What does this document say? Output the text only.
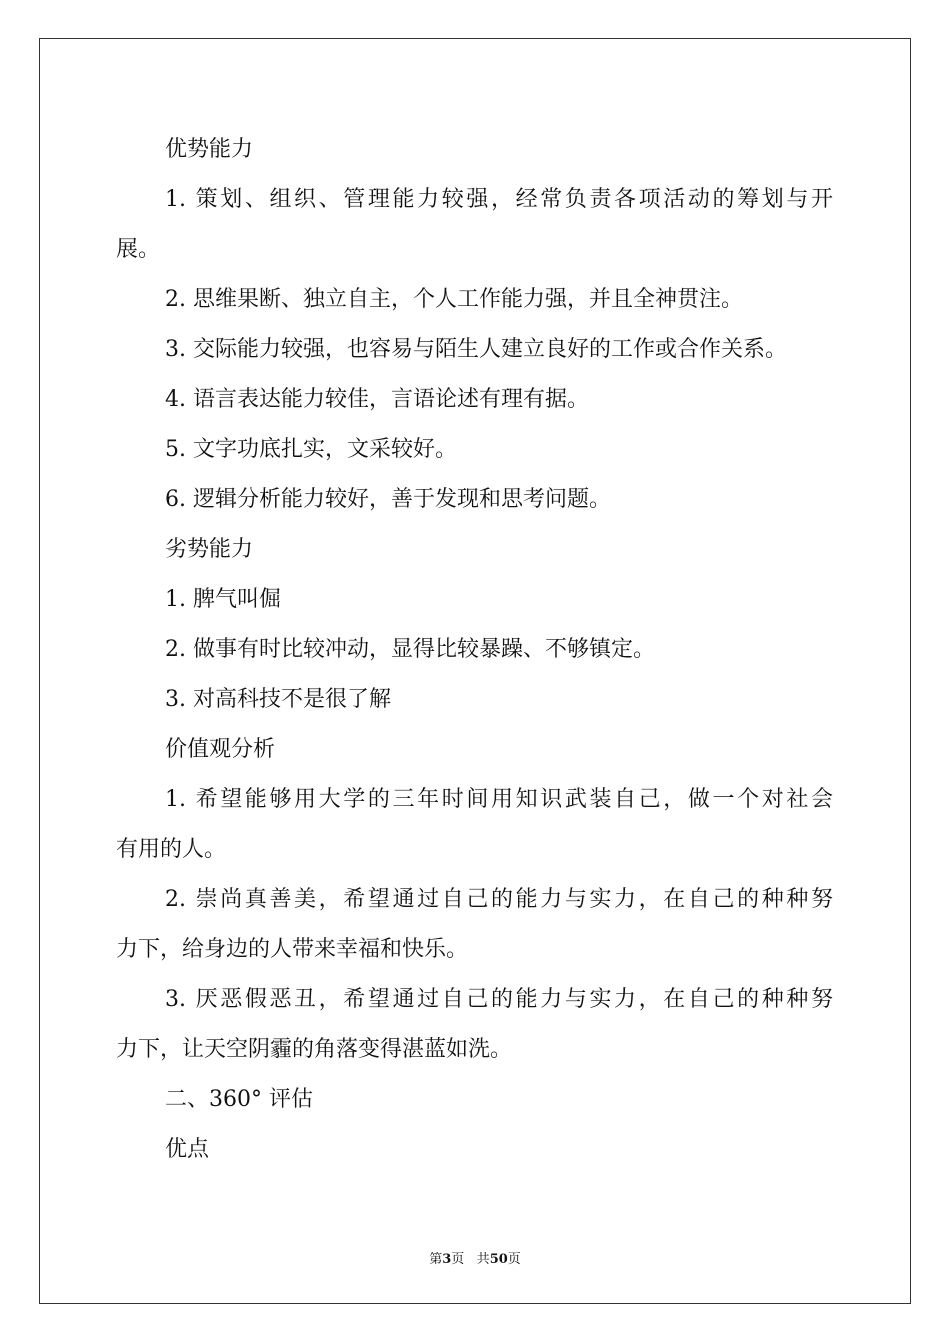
优势能力
1. 策划、组织、管理能力较强，经常负责各项活动的筹划与开
展。
2. 思维果断、独立自主，个人工作能力强，并且全神贯注。
3. 交际能力较强，也容易与陌生人建立良好的工作或合作关系。
4. 语言表达能力较佳，言语论述有理有据。
5. 文字功底扎实，文采较好。
6. 逻辑分析能力较好，善于发现和思考问题。
劣势能力
1. 脾气叫倔
2. 做事有时比较冲动，显得比较暴躁、不够镇定。
3. 对高科技不是很了解
价值观分析
1. 希望能够用大学的三年时间用知识武装自己，做一个对社会
有用的人。
2. 崇尚真善美，希望通过自己的能力与实力，在自己的种种努
力下，给身边的人带来幸福和快乐。
3. 厌恶假恶丑，希望通过自己的能力与实力，在自己的种种努
力下，让天空阴霾的角落变得湛蓝如洗。
二、360° 评估
优点
第3页 共50页
